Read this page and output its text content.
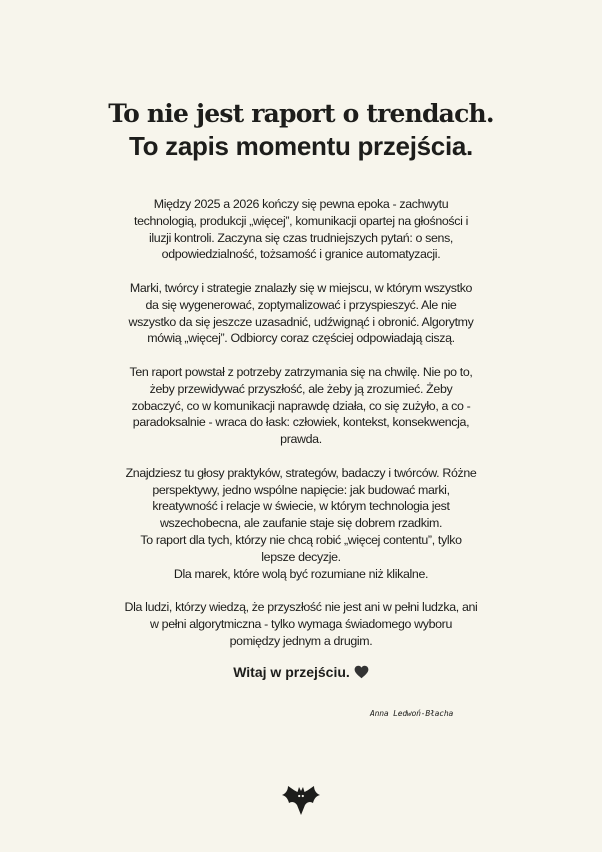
To nie jest raport o trendach.
To zapis momentu przejścia.

Między 2025 a 2026 kończy się pewna epoka - zachwytu
technologią, produkcji „więcej”, komunikacji opartej na głośności i
iluzji kontroli. Zaczyna się czas trudniejszych pytań: o sens,
odpowiedzialność, tożsamość i granice automatyzacji.

Marki, twórcy i strategie znalazły się w miejscu, w którym wszystko
da się wygenerować, zoptymalizować i przyspieszyć. Ale nie
wszystko da się jeszcze uzasadnić, udźwignąć i obronić. Algorytmy
mówią „więcej”. Odbiorcy coraz częściej odpowiadają ciszą.

Ten raport powstał z potrzeby zatrzymania się na chwilę. Nie po to,
żeby przewidywać przyszłość, ale żeby ją zrozumieć. Żeby
zobaczyć, co w komunikacji naprawdę działa, co się zużyło, a co -
paradoksalnie - wraca do łask: człowiek, kontekst, konsekwencja,
prawda.

Znajdziesz tu głosy praktyków, strategów, badaczy i twórców. Różne
perspektywy, jedno wspólne napięcie: jak budować marki,
kreatywność i relacje w świecie, w którym technologia jest
wszechobecna, ale zaufanie staje się dobrem rzadkim.
To raport dla tych, którzy nie chcą robić „więcej contentu”, tylko
lepsze decyzje.
Dla marek, które wolą być rozumiane niż klikalne.

Dla ludzi, którzy wiedzą, że przyszłość nie jest ani w pełni ludzka, ani
w pełni algorytmiczna - tylko wymaga świadomego wyboru
pomiędzy jednym a drugim.

Witaj w przejściu.
Anna Ledwoń-Błacha
